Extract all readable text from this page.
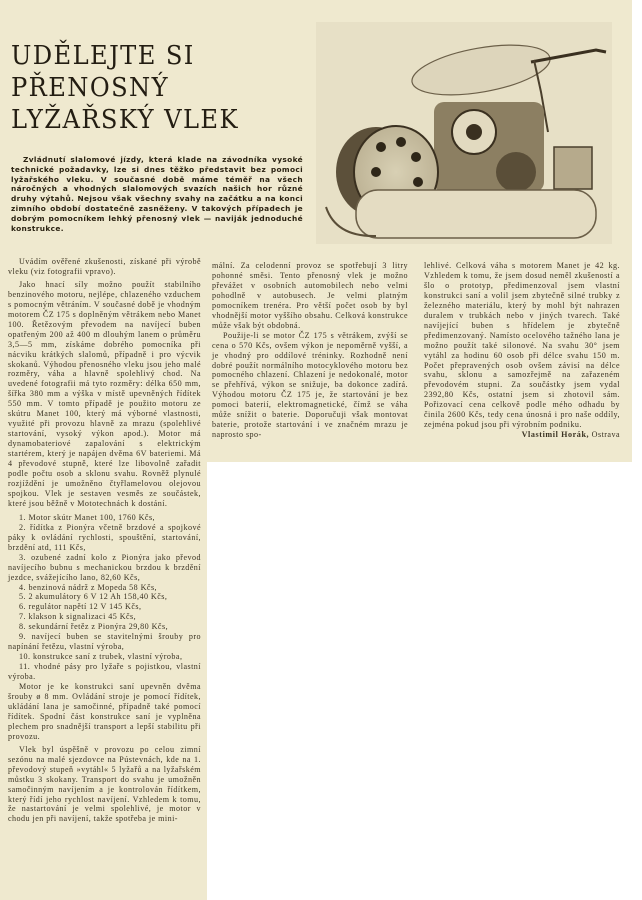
UDĚLEJTE SI
PŘENOSNÝ
LYŽAŘSKÝ VLEK
Zvládnutí slalomové jízdy, která klade na závodníka vysoké technické požadavky, lze si dnes těžko představit bez pomoci lyžařského vleku. V současné době máme téměř na všech náročných a vhodných slalomových svazích našich hor různé druhy výtahů. Nejsou však všechny svahy na začátku a na konci zimního období dostatečně zasněženy. V takových případech je dobrým pomocníkem lehký přenosný vlek — naviják jednoduché konstrukce.

Uvádím ověřené zkušenosti, získané při výrobě vleku (viz fotografii vpravo).

Jako hnací síly možno použít stabilního benzinového motoru, nejlépe, chlazeného vzduchem s pomocným větráním. V současné době je vhodným motorem ČZ 175 s doplněným větrákem nebo Manet 100. Řetězovým převodem na navíjecí buben opatřeným 200 až 400 m dlouhým lanem o průměru 3,5—5 mm, získáme dobrého pomocníka při nácviku krátkých slalomů, případně i pro výcvik skokanů. Výhodou přenosného vleku jsou jeho malé rozměry, váha a hlavně spolehlivý chod. Na uvedené fotografii má tyto rozměry: délka 650 mm, šířka 380 mm a výška v místě upevněných řídítek 550 mm. V tomto případě je použito motoru ze skútru Manet 100, který má výborné vlastnosti, využité při provozu hlavně za mrazu (spolehlivé startování, vysoký výkon apod.). Motor má dynamobateriové zapalování s elektrickým startérem, který je napájen dvěma 6V bateriemi. Má 4 převodové stupně, které lze libovolně zařadit podle počtu osob a sklonu svahu. Rovněž plynulé rozjíždění je umožněno čtyřlamelovou olejovou spojkou. Vlek je sestaven vesměs ze součástek, které jsou běžně v Mototechnách k dostání.

1. Motor skútr Manet 100, 1760 Kčs,

2. řídítka z Pionýra včetně brzdové a spojkové páky k ovládání rychlosti, spouštění, startování, brzdění atd, 111 Kčs,

3. ozubené zadní kolo z Pionýra jako převod navíjecího bubnu s mechanickou brzdou k brzdění jezdce, svážejícího lano, 82,60 Kčs,

4. benzinová nádrž z Mopeda 58 Kčs,

5. 2 akumulátory 6 V 12 Ah 158,40 Kčs,

6. regulátor napětí 12 V 145 Kčs,

7. klakson k signalizaci 45 Kčs,

8. sekundární řetěz z Pionýra 29,80 Kčs,

9. navíjecí buben se stavitelnými šrouby pro napínání řetězu, vlastní výroba,

10. konstrukce saní z trubek, vlastní výroba,

11. vhodné pásy pro lyžaře s pojistkou, vlastní výroba.

Motor je ke konstrukci saní upevněn dvěma šrouby ø 8 mm. Ovládání stroje je pomocí řídítek, ukládání lana je samočinné, případně také pomocí řídítek. Spodní část konstrukce saní je vyplněna plechem pro snadnější transport a lepší stabilitu při provozu.

Vlek byl úspěšně v provozu po celou zimní sezónu na malé sjezdovce na Pústevnách, kde na 1. převodový stupeň »vytáhl« 5 lyžařů a na lyžařském můstku 3 skokany. Transport do svahu je umožněn samočinným navíjením a je kontrolován řídítkem, který řídí jeho rychlost navíjení. Vzhledem k tomu, že nastartování je velmi spolehlivé, je motor v chodu jen při navíjení, takže spotřeba je mini-

mální. Za celodenní provoz se spotřebují 3 litry pohonné směsi. Tento přenosný vlek je možno převážet v osobních automobilech nebo velmi pohodlně v autobusech. Je velmi platným pomocníkem trenéra. Pro větší počet osob by byl vhodnější motor vyššího obsahu. Celková konstrukce může však být obdobná.

Použije-li se motor ČZ 175 s větrákem, zvýší se cena o 570 Kčs, ovšem výkon je nepoměrně vyšší, a je vhodný pro oddílové tréninky. Rozhodně není dobré použít normálního motocyklového motoru bez pomocného chlazení. Chlazení je nedokonalé, motor se přehřívá, výkon se snižuje, ba dokonce zadírá. Výhodou motoru ČZ 175 je, že startování je bez pomoci baterií, elektromagnetické, čímž se váha může snížit o baterie. Doporučuji však montovat baterie, protože startování i ve značném mrazu je naprosto spo-

lehlivé. Celková váha s motorem Manet je 42 kg. Vzhledem k tomu, že jsem dosud neměl zkušeností a šlo o prototyp, předimenzoval jsem vlastní konstrukci saní a volil jsem zbytečně silné trubky z železného materiálu, který by mohl být nahrazen duralem v trubkách nebo v jiných tvarech. Také navíjející buben s hřídelem je zbytečně předimenzovaný. Namísto ocelového tažného lana je možno použít také silonové. Na svahu 30° jsem vytáhl za hodinu 60 osob při délce svahu 150 m. Počet přepravených osob ovšem závisí na délce svahu, sklonu a samozřejmě na zařazeném převodovém stupni. Za součástky jsem vydal 2392,80 Kčs, ostatní jsem si zhotovil sám. Pořizovací cena celkově podle mého odhadu by činila 2600 Kčs, tedy cena únosná i pro naše oddíly, zejména pokud jsou při výrobním podniku.

Vlastimil Horák, Ostrava
